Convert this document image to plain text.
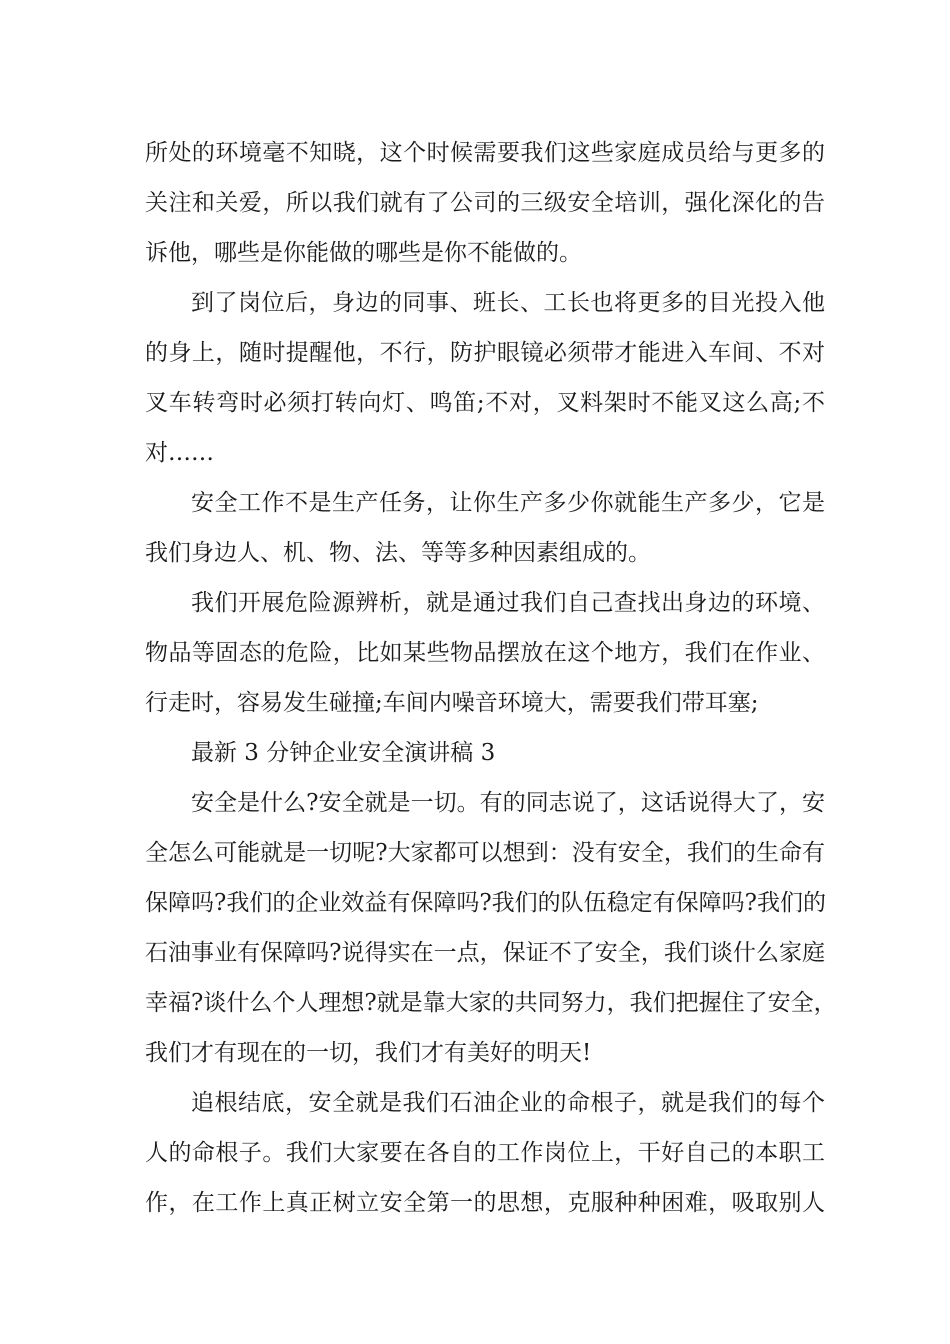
所处的环境毫不知晓，这个时候需要我们这些家庭成员给与更多的
关注和关爱，所以我们就有了公司的三级安全培训，强化深化的告
诉他，哪些是你能做的哪些是你不能做的。
到了岗位后，身边的同事、班长、工长也将更多的目光投入他
的身上，随时提醒他，不行，防护眼镜必须带才能进入车间、不对
叉车转弯时必须打转向灯、鸣笛;不对，叉料架时不能叉这么高;不
对……
安全工作不是生产任务，让你生产多少你就能生产多少，它是
我们身边人、机、物、法、等等多种因素组成的。
我们开展危险源辨析，就是通过我们自己查找出身边的环境、
物品等固态的危险，比如某些物品摆放在这个地方，我们在作业、
行走时，容易发生碰撞;车间内噪音环境大，需要我们带耳塞;
最新 3 分钟企业安全演讲稿 3
安全是什么?安全就是一切。有的同志说了，这话说得大了，安
全怎么可能就是一切呢?大家都可以想到：没有安全，我们的生命有
保障吗?我们的企业效益有保障吗?我们的队伍稳定有保障吗?我们的
石油事业有保障吗?说得实在一点，保证不了安全，我们谈什么家庭
幸福?谈什么个人理想?就是靠大家的共同努力，我们把握住了安全，
我们才有现在的一切，我们才有美好的明天!
追根结底，安全就是我们石油企业的命根子，就是我们的每个
人的命根子。我们大家要在各自的工作岗位上，干好自己的本职工
作，在工作上真正树立安全第一的思想，克服种种困难，吸取别人
